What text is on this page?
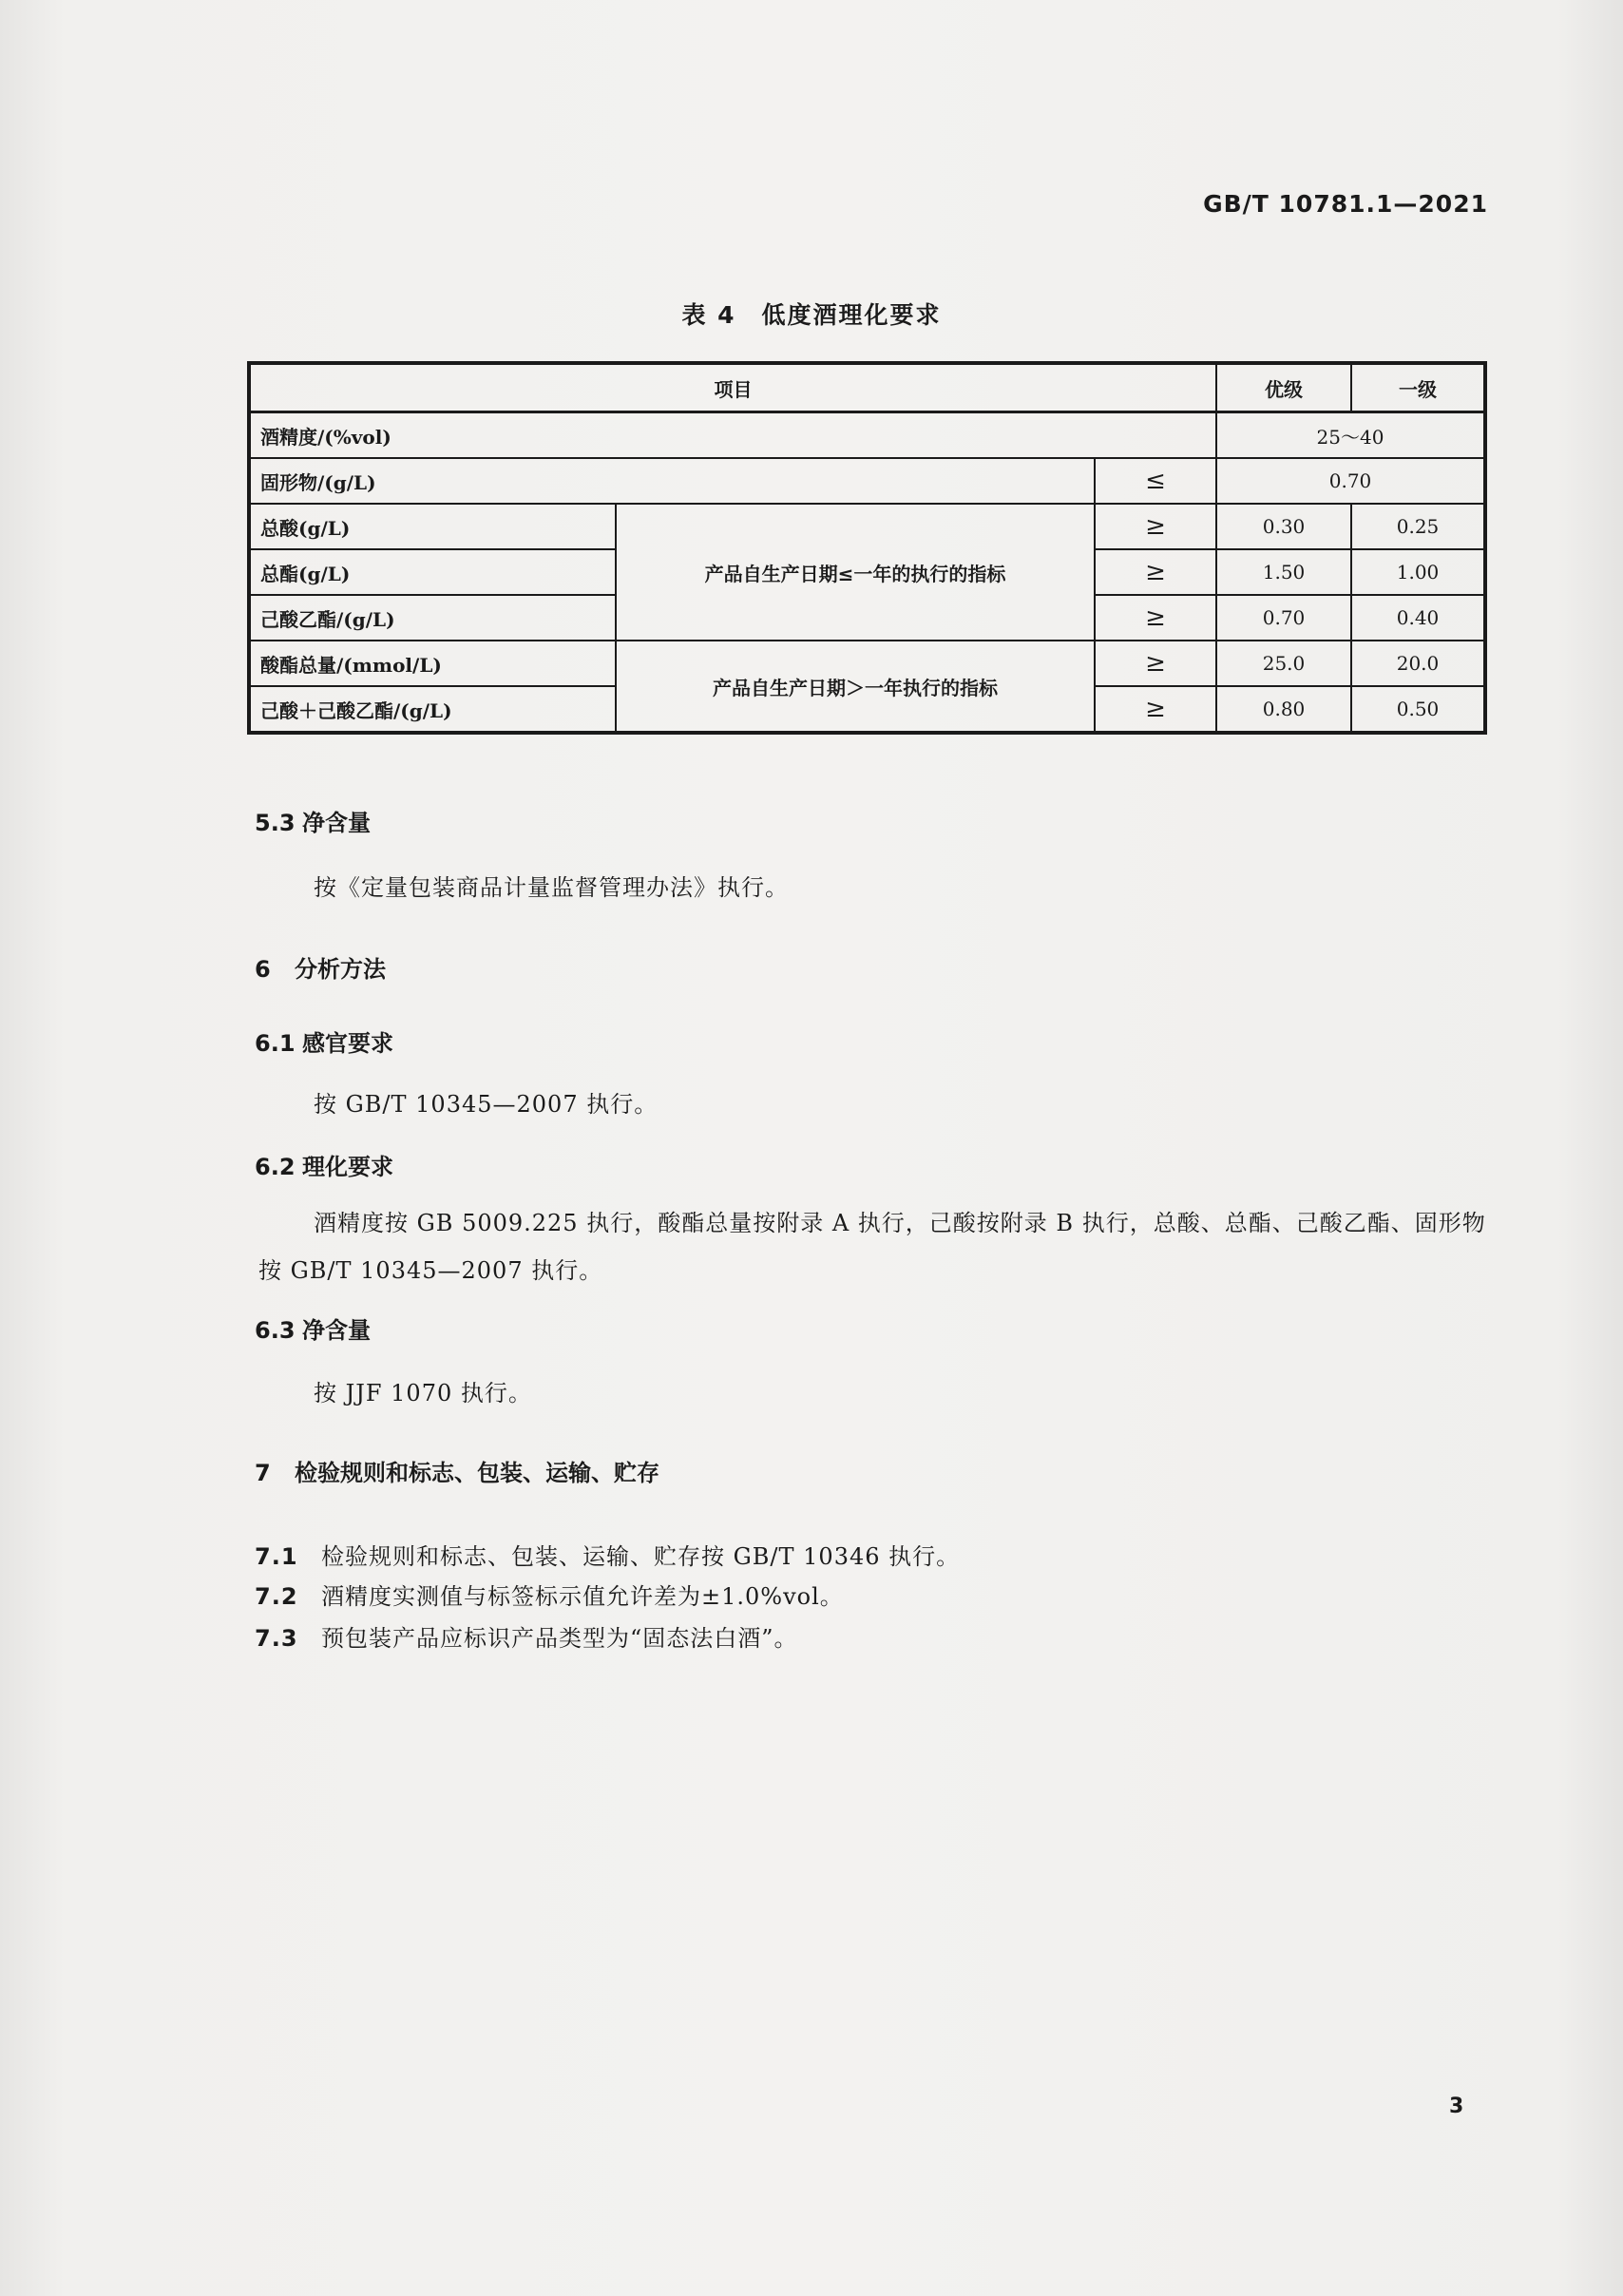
GB/T 10781.1—2021
表 4　低度酒理化要求
项目			优级	一级
酒精度/(%vol)			25～40	
固形物/(g/L)		≤	0.70	
总酸(g/L)	产品自生产日期≤一年的执行的指标	≥	0.30	0.25
总酯(g/L)		≥	1.50	1.00
己酸乙酯/(g/L)		≥	0.70	0.40
酸酯总量/(mmol/L)	产品自生产日期＞一年执行的指标	≥	25.0	20.0
己酸＋己酸乙酯/(g/L)		≥	0.80	0.50
5.3 净含量
按《定量包装商品计量监督管理办法》执行。
6 分析方法
6.1 感官要求
按 GB/T 10345—2007 执行。
6.2 理化要求
酒精度按 GB 5009.225 执行，酸酯总量按附录 A 执行，己酸按附录 B 执行，总酸、总酯、己酸乙酯、固形物按 GB/T 10345—2007 执行。
6.3 净含量
按 JJF 1070 执行。
7 检验规则和标志、包装、运输、贮存
7.1 检验规则和标志、包装、运输、贮存按 GB/T 10346 执行。
7.2 酒精度实测值与标签标示值允许差为±1.0%vol。
7.3 预包装产品应标识产品类型为“固态法白酒”。
3
